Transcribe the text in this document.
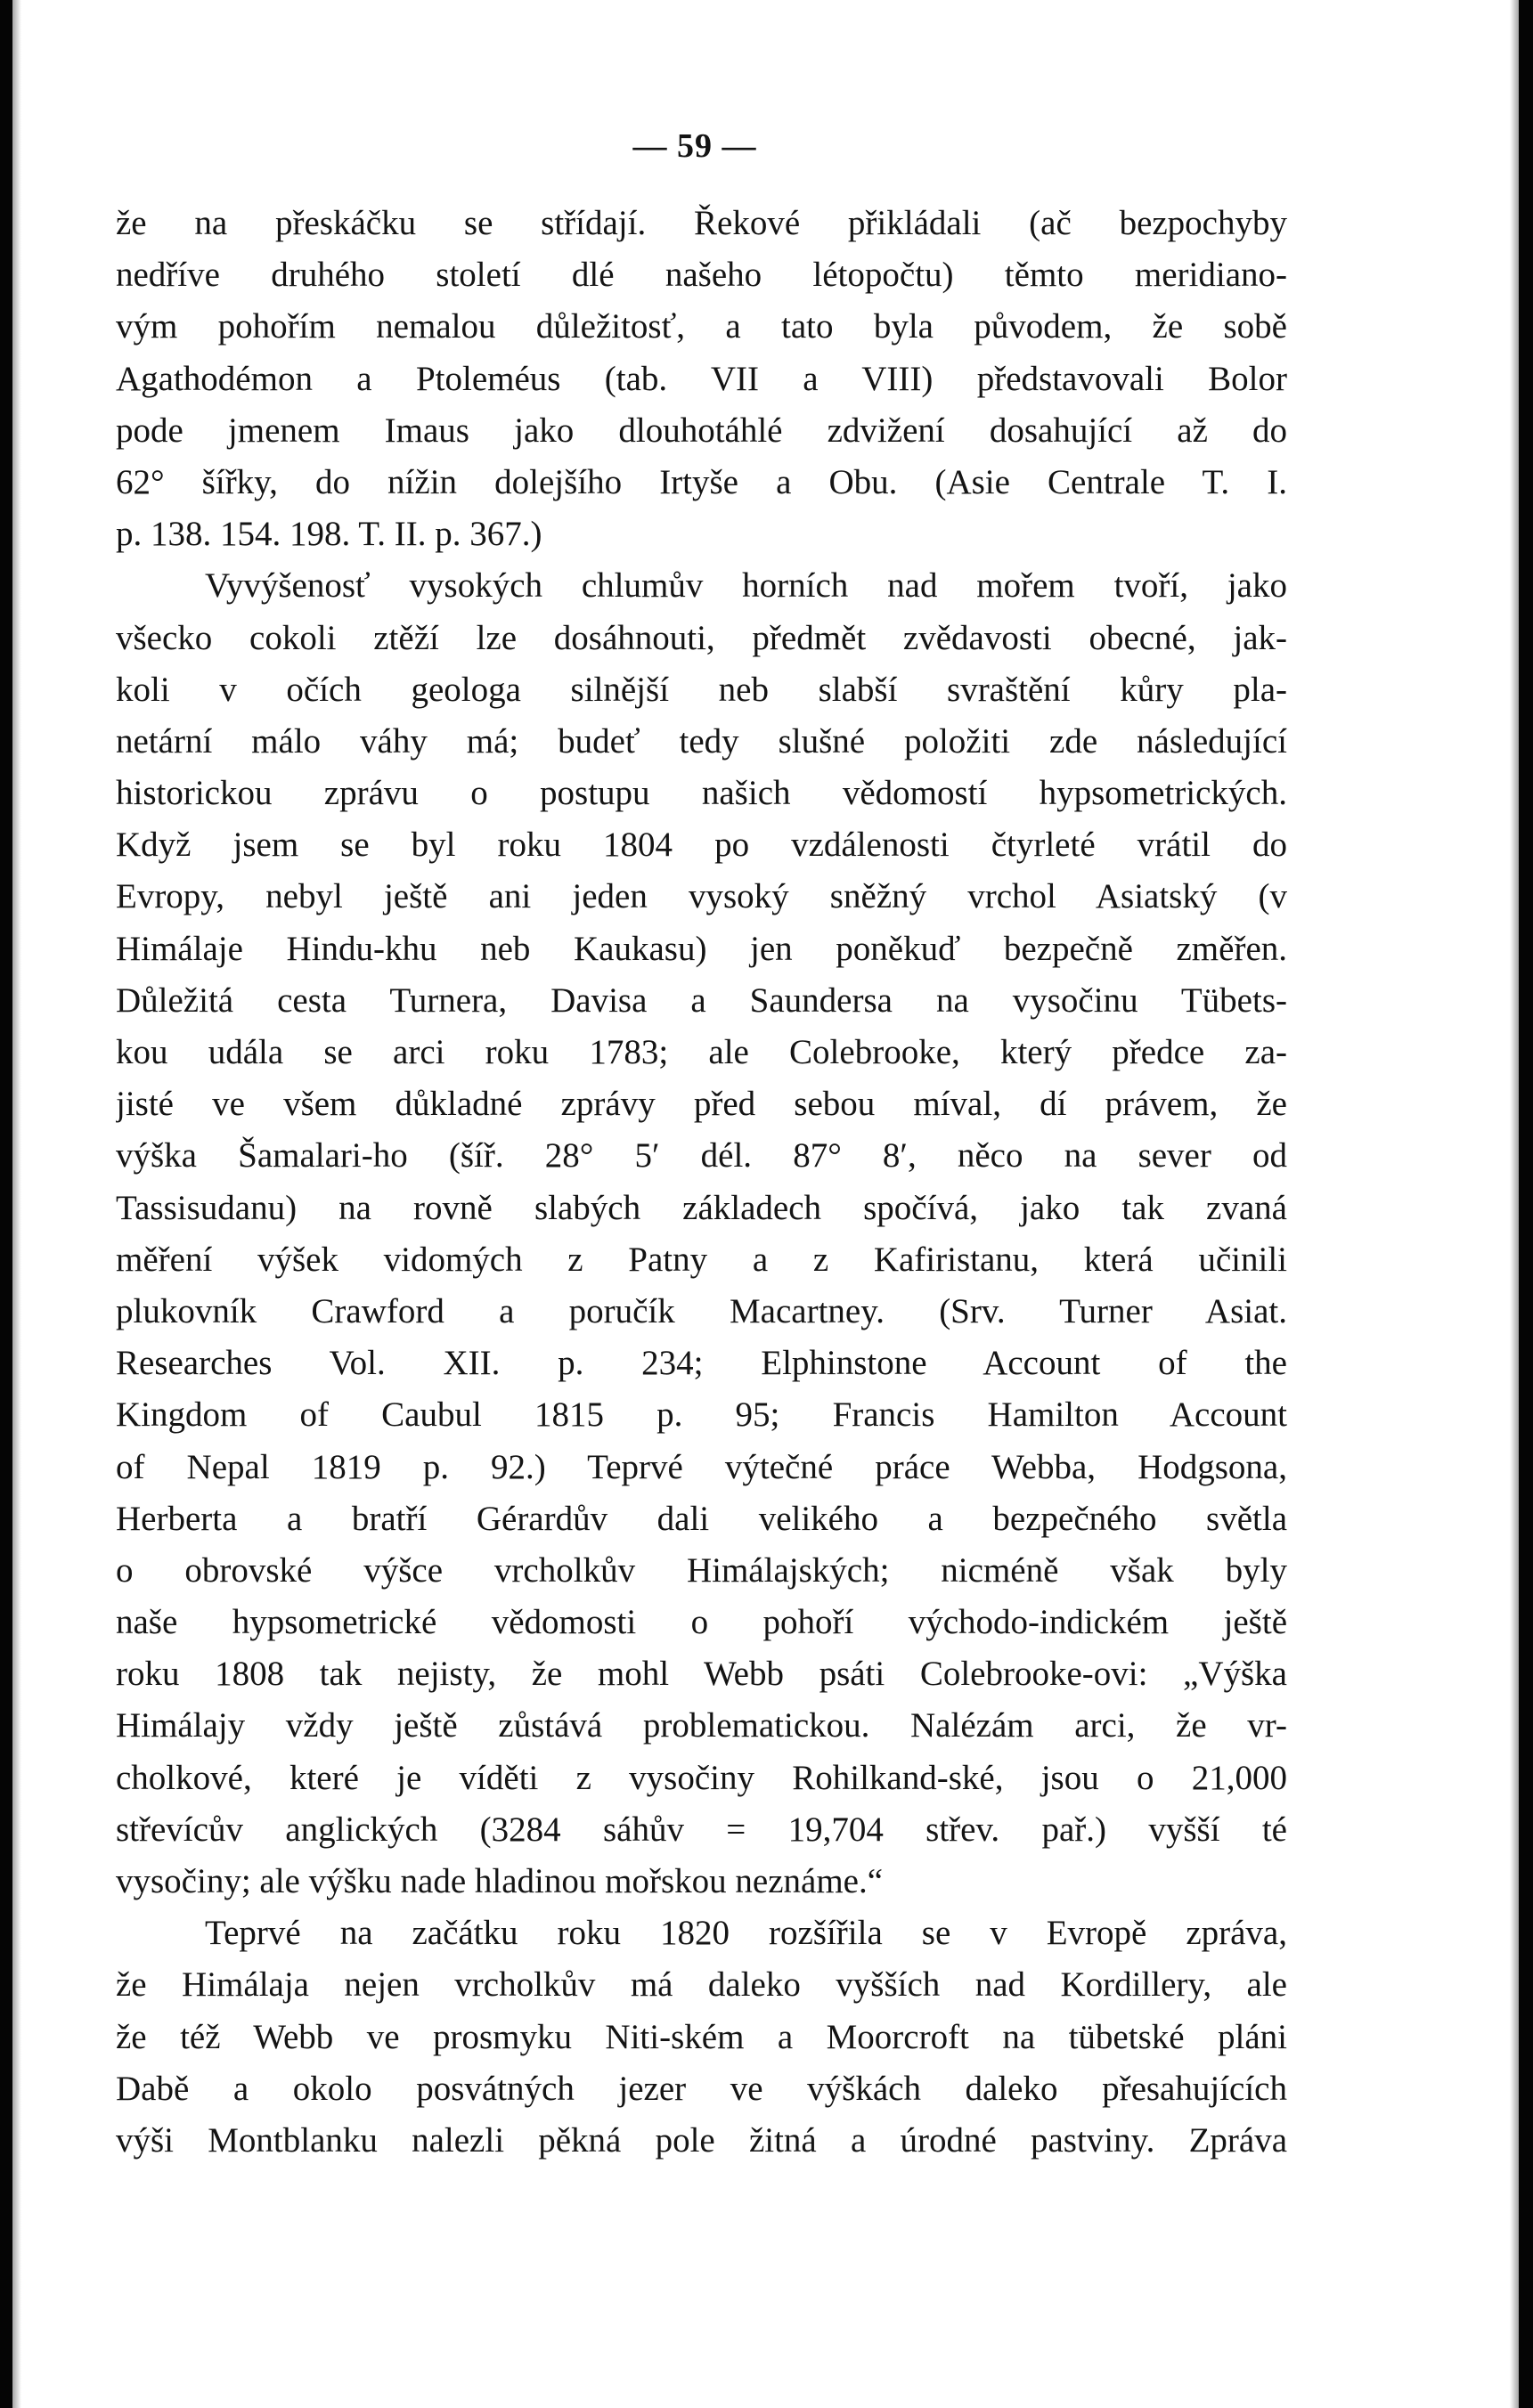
— 59 —
že na přeskáčku se střídají. Řekové přikládali (ač bezpochyby
nedříve druhého století dlé našeho létopočtu) těmto meridiano-
vým pohořím nemalou důležitosť, a tato byla původem, že sobě
Agathodémon a Ptoleméus (tab. VII a VIII) představovali Bolor
pode jmenem Imaus jako dlouhotáhlé zdvižení dosahující až do
62° šířky, do nížin dolejšího Irtyše a Obu. (Asie Centrale T. I.
p. 138. 154. 198. T. II. p. 367.)
Vyvýšenosť vysokých chlumův horních nad mořem tvoří, jako
všecko cokoli ztěží lze dosáhnouti, předmět zvědavosti obecné, jak-
koli v očích geologa silnější neb slabší svraštění kůry pla-
netární málo váhy má; budeť tedy slušné položiti zde následující
historickou zprávu o postupu našich vědomostí hypsometrických.
Když jsem se byl roku 1804 po vzdálenosti čtyrleté vrátil do
Evropy, nebyl ještě ani jeden vysoký sněžný vrchol Asiatský (v
Himálaje Hindu-khu neb Kaukasu) jen poněkuď bezpečně změřen.
Důležitá cesta Turnera, Davisa a Saundersa na vysočinu Tübets-
kou udála se arci roku 1783; ale Colebrooke, který předce za-
jisté ve všem důkladné zprávy před sebou míval, dí právem, že
výška Šamalari-ho (šíř. 28° 5′ dél. 87° 8′, něco na sever od
Tassisudanu) na rovně slabých základech spočívá, jako tak zvaná
měření výšek vidomých z Patny a z Kafiristanu, která učinili
plukovník Crawford a poručík Macartney. (Srv. Turner Asiat.
Researches Vol. XII. p. 234; Elphinstone Account of the
Kingdom of Caubul 1815 p. 95; Francis Hamilton Account
of Nepal 1819 p. 92.) Teprvé výtečné práce Webba, Hodgsona,
Herberta a bratří Gérardův dali velikého a bezpečného světla
o obrovské výšce vrcholkův Himálajských; nicméně však byly
naše hypsometrické vědomosti o pohoří východo-indickém ještě
roku 1808 tak nejisty, že mohl Webb psáti Colebrooke-ovi: „Výška
Himálajy vždy ještě zůstává problematickou. Nalézám arci, že vr-
cholkové, které je víděti z vysočiny Rohilkand-ské, jsou o 21,000
střevícův anglických (3284 sáhův = 19,704 střev. pař.) vyšší té
vysočiny; ale výšku nade hladinou mořskou neznáme.“
Teprvé na začátku roku 1820 rozšířila se v Evropě zpráva,
že Himálaja nejen vrcholkův má daleko vyšších nad Kordillery, ale
že též Webb ve prosmyku Niti-ském a Moorcroft na tübetské pláni
Dabě a okolo posvátných jezer ve výškách daleko přesahujících
výši Montblanku nalezli pěkná pole žitná a úrodné pastviny. Zpráva
